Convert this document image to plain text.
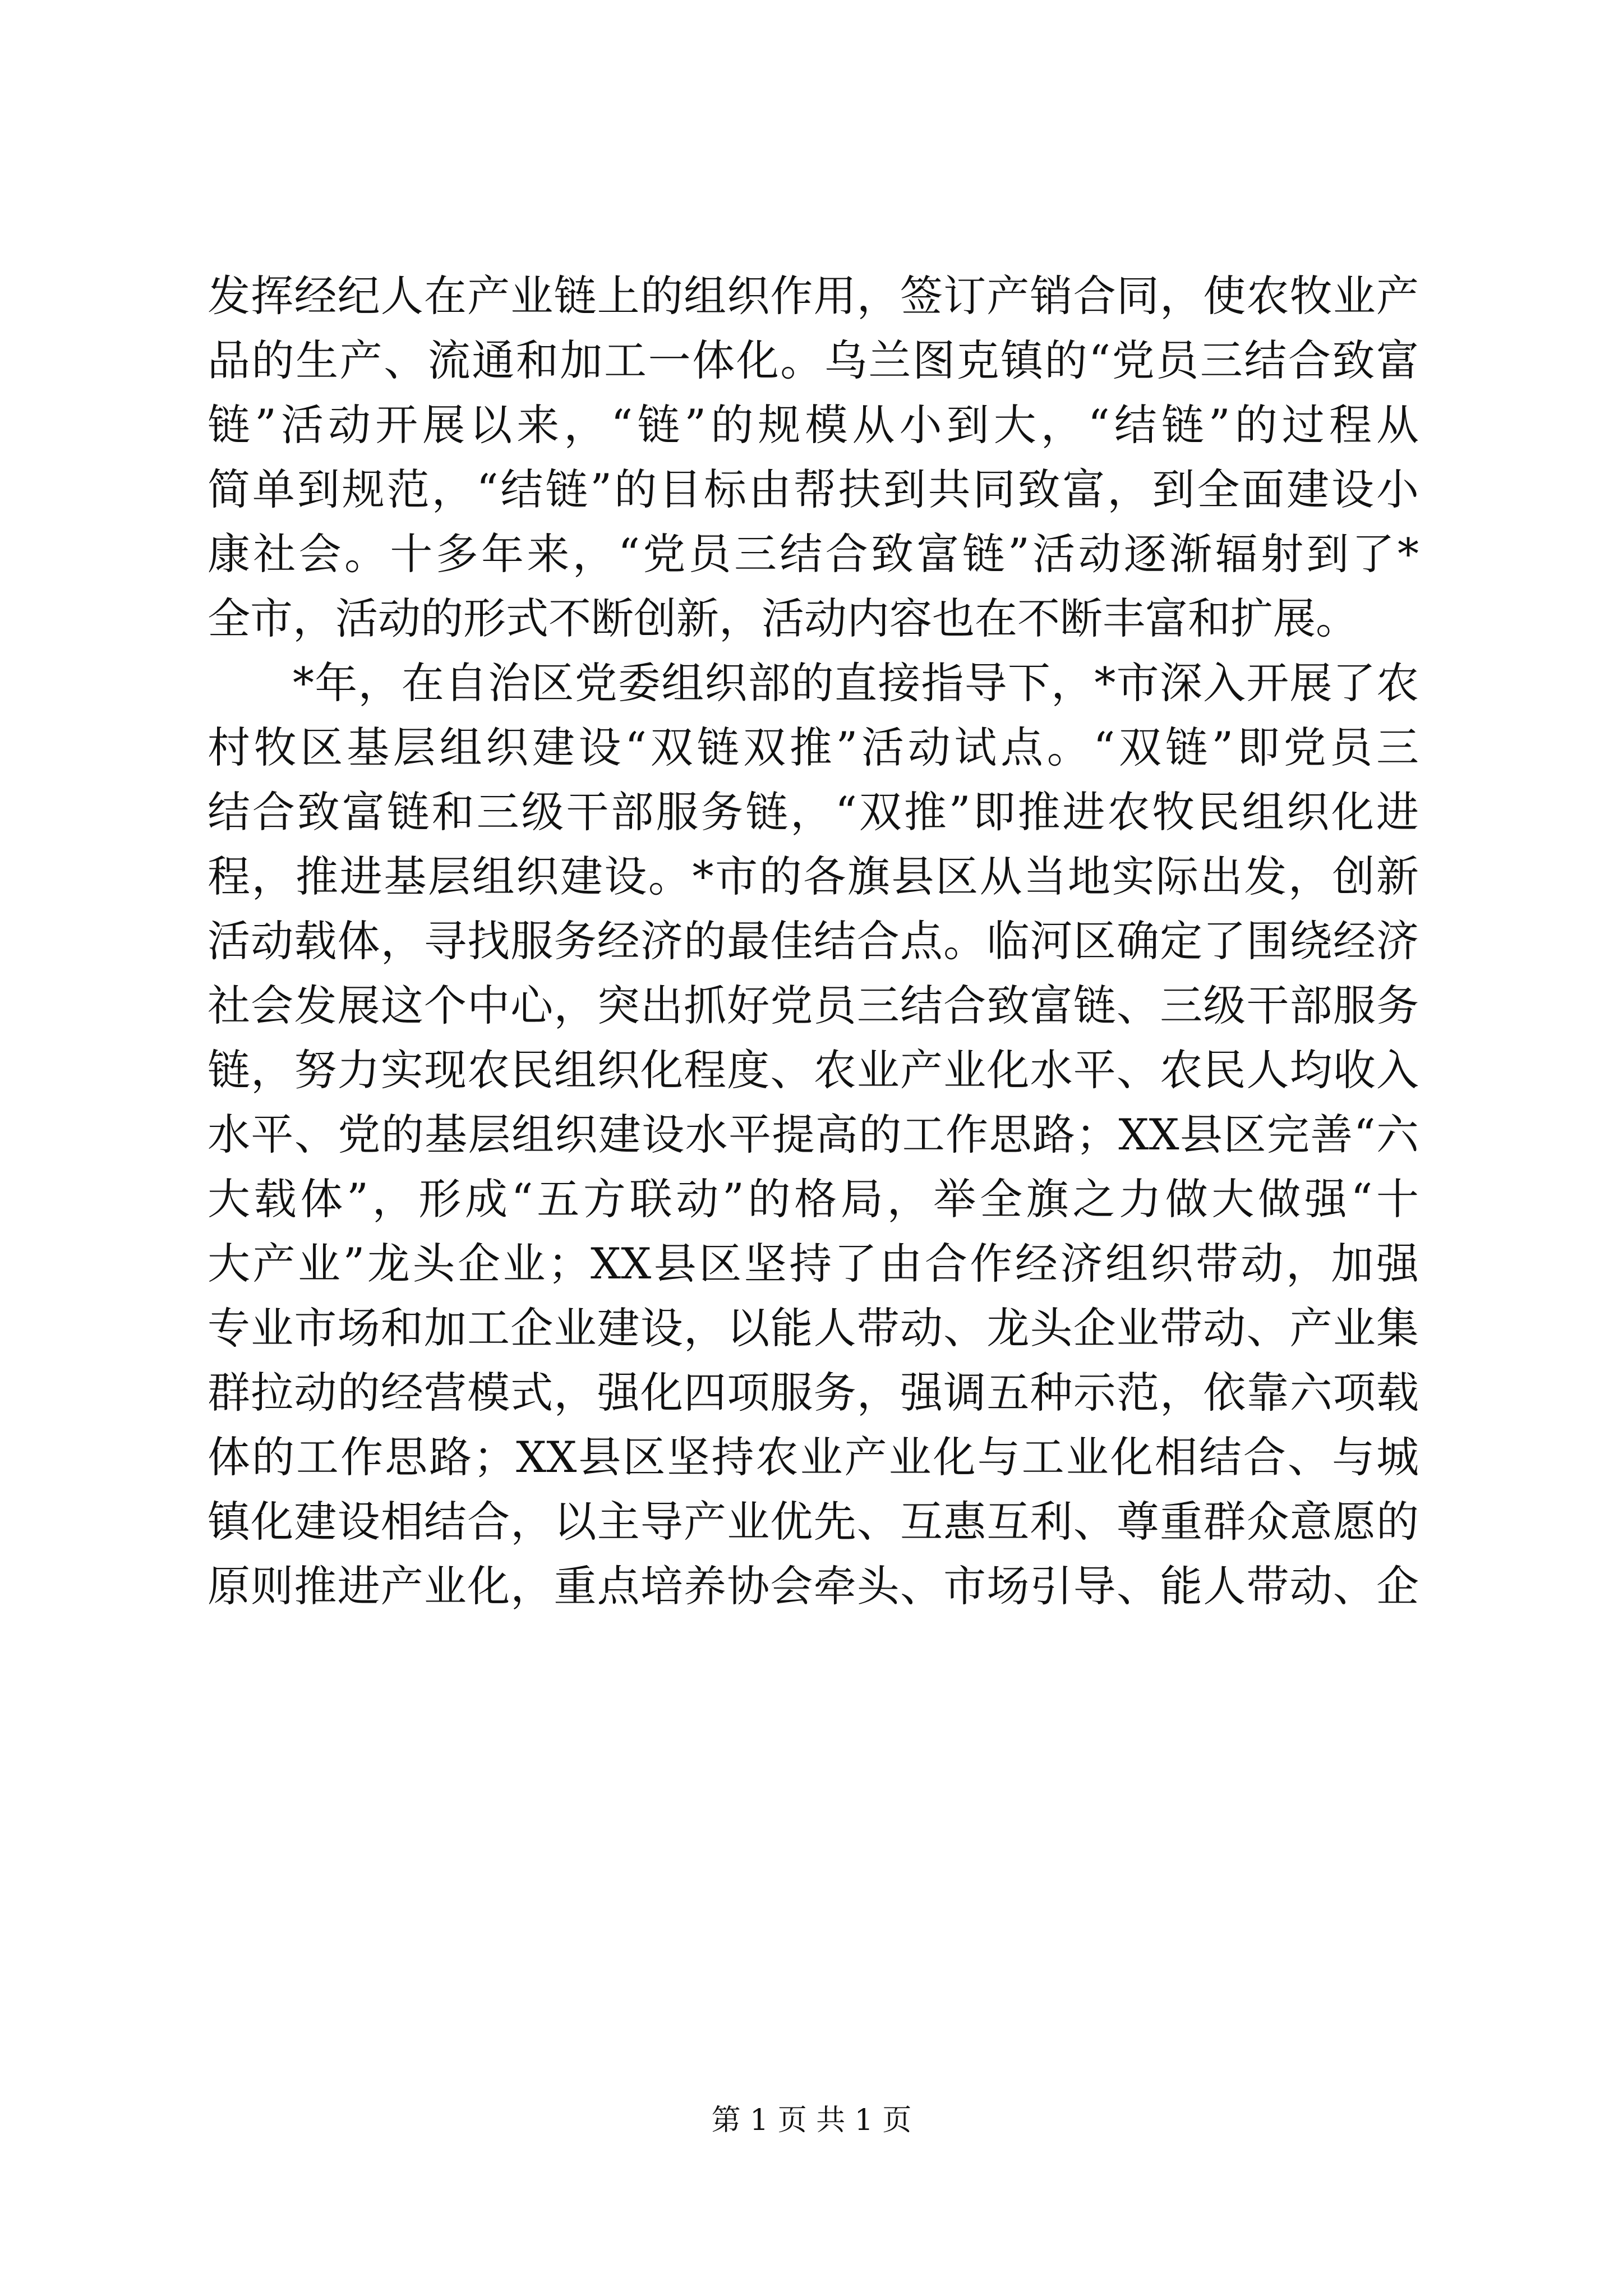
发挥经纪人在产业链上的组织作用，签订产销合同，使农牧业产
品的生产、流通和加工一体化。乌兰图克镇的“党员三结合致富
链”活动开展以来，“链”的规模从小到大，“结链”的过程从
简单到规范，“结链”的目标由帮扶到共同致富，到全面建设小
康社会。十多年来，“党员三结合致富链”活动逐渐辐射到了*
全市，活动的形式不断创新，活动内容也在不断丰富和扩展。
*年，在自治区党委组织部的直接指导下，*市深入开展了农
村牧区基层组织建设“双链双推”活动试点。“双链”即党员三
结合致富链和三级干部服务链，“双推”即推进农牧民组织化进
程，推进基层组织建设。*市的各旗县区从当地实际出发，创新
活动载体，寻找服务经济的最佳结合点。临河区确定了围绕经济
社会发展这个中心，突出抓好党员三结合致富链、三级干部服务
链，努力实现农民组织化程度、农业产业化水平、农民人均收入
水平、党的基层组织建设水平提高的工作思路；XX县区完善“六
大载体”，形成“五方联动”的格局，举全旗之力做大做强“十
大产业”龙头企业；XX县区坚持了由合作经济组织带动，加强
专业市场和加工企业建设，以能人带动、龙头企业带动、产业集
群拉动的经营模式，强化四项服务，强调五种示范，依靠六项载
体的工作思路；XX县区坚持农业产业化与工业化相结合、与城
镇化建设相结合，以主导产业优先、互惠互利、尊重群众意愿的
原则推进产业化，重点培养协会牵头、市场引导、能人带动、企
第 1 页 共 1 页
